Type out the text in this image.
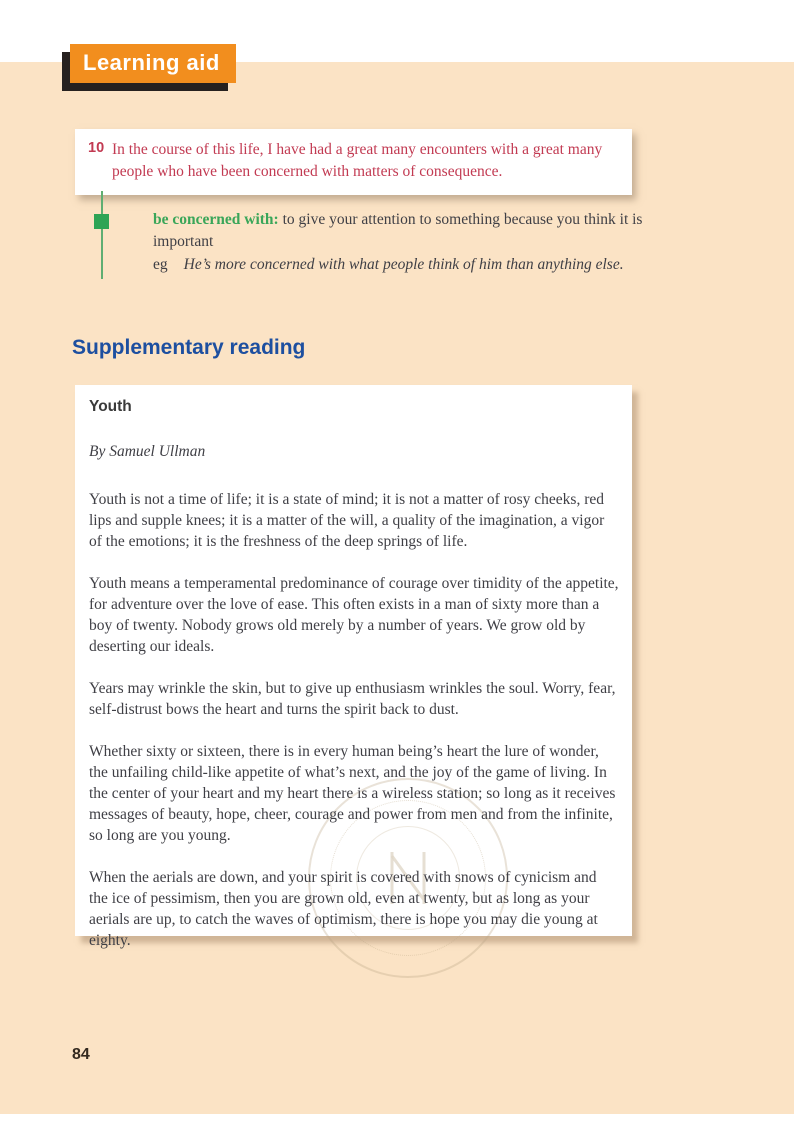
Learning aid
10 In the course of this life, I have had a great many encounters with a great many people who have been concerned with matters of consequence.

be concerned with: to give your attention to something because you think it is important

eg He’s more concerned with what people think of him than anything else.

Supplementary reading
Youth

By Samuel Ullman

Youth is not a time of life; it is a state of mind; it is not a matter of rosy cheeks, red lips and supple knees; it is a matter of the will, a quality of the imagination, a vigor of the emotions; it is the freshness of the deep springs of life.

Youth means a temperamental predominance of courage over timidity of the appetite, for adventure over the love of ease. This often exists in a man of sixty more than a boy of twenty. Nobody grows old merely by a number of years. We grow old by deserting our ideals.

Years may wrinkle the skin, but to give up enthusiasm wrinkles the soul. Worry, fear, self-distrust bows the heart and turns the spirit back to dust.

Whether sixty or sixteen, there is in every human being’s heart the lure of wonder, the unfailing child-like appetite of what’s next, and the joy of the game of living. In the center of your heart and my heart there is a wireless station; so long as it receives messages of beauty, hope, cheer, courage and power from men and from the infinite, so long are you young.

When the aerials are down, and your spirit is covered with snows of cynicism and the ice of pessimism, then you are grown old, even at twenty, but as long as your aerials are up, to catch the waves of optimism, there is hope you may die young at eighty.

84
